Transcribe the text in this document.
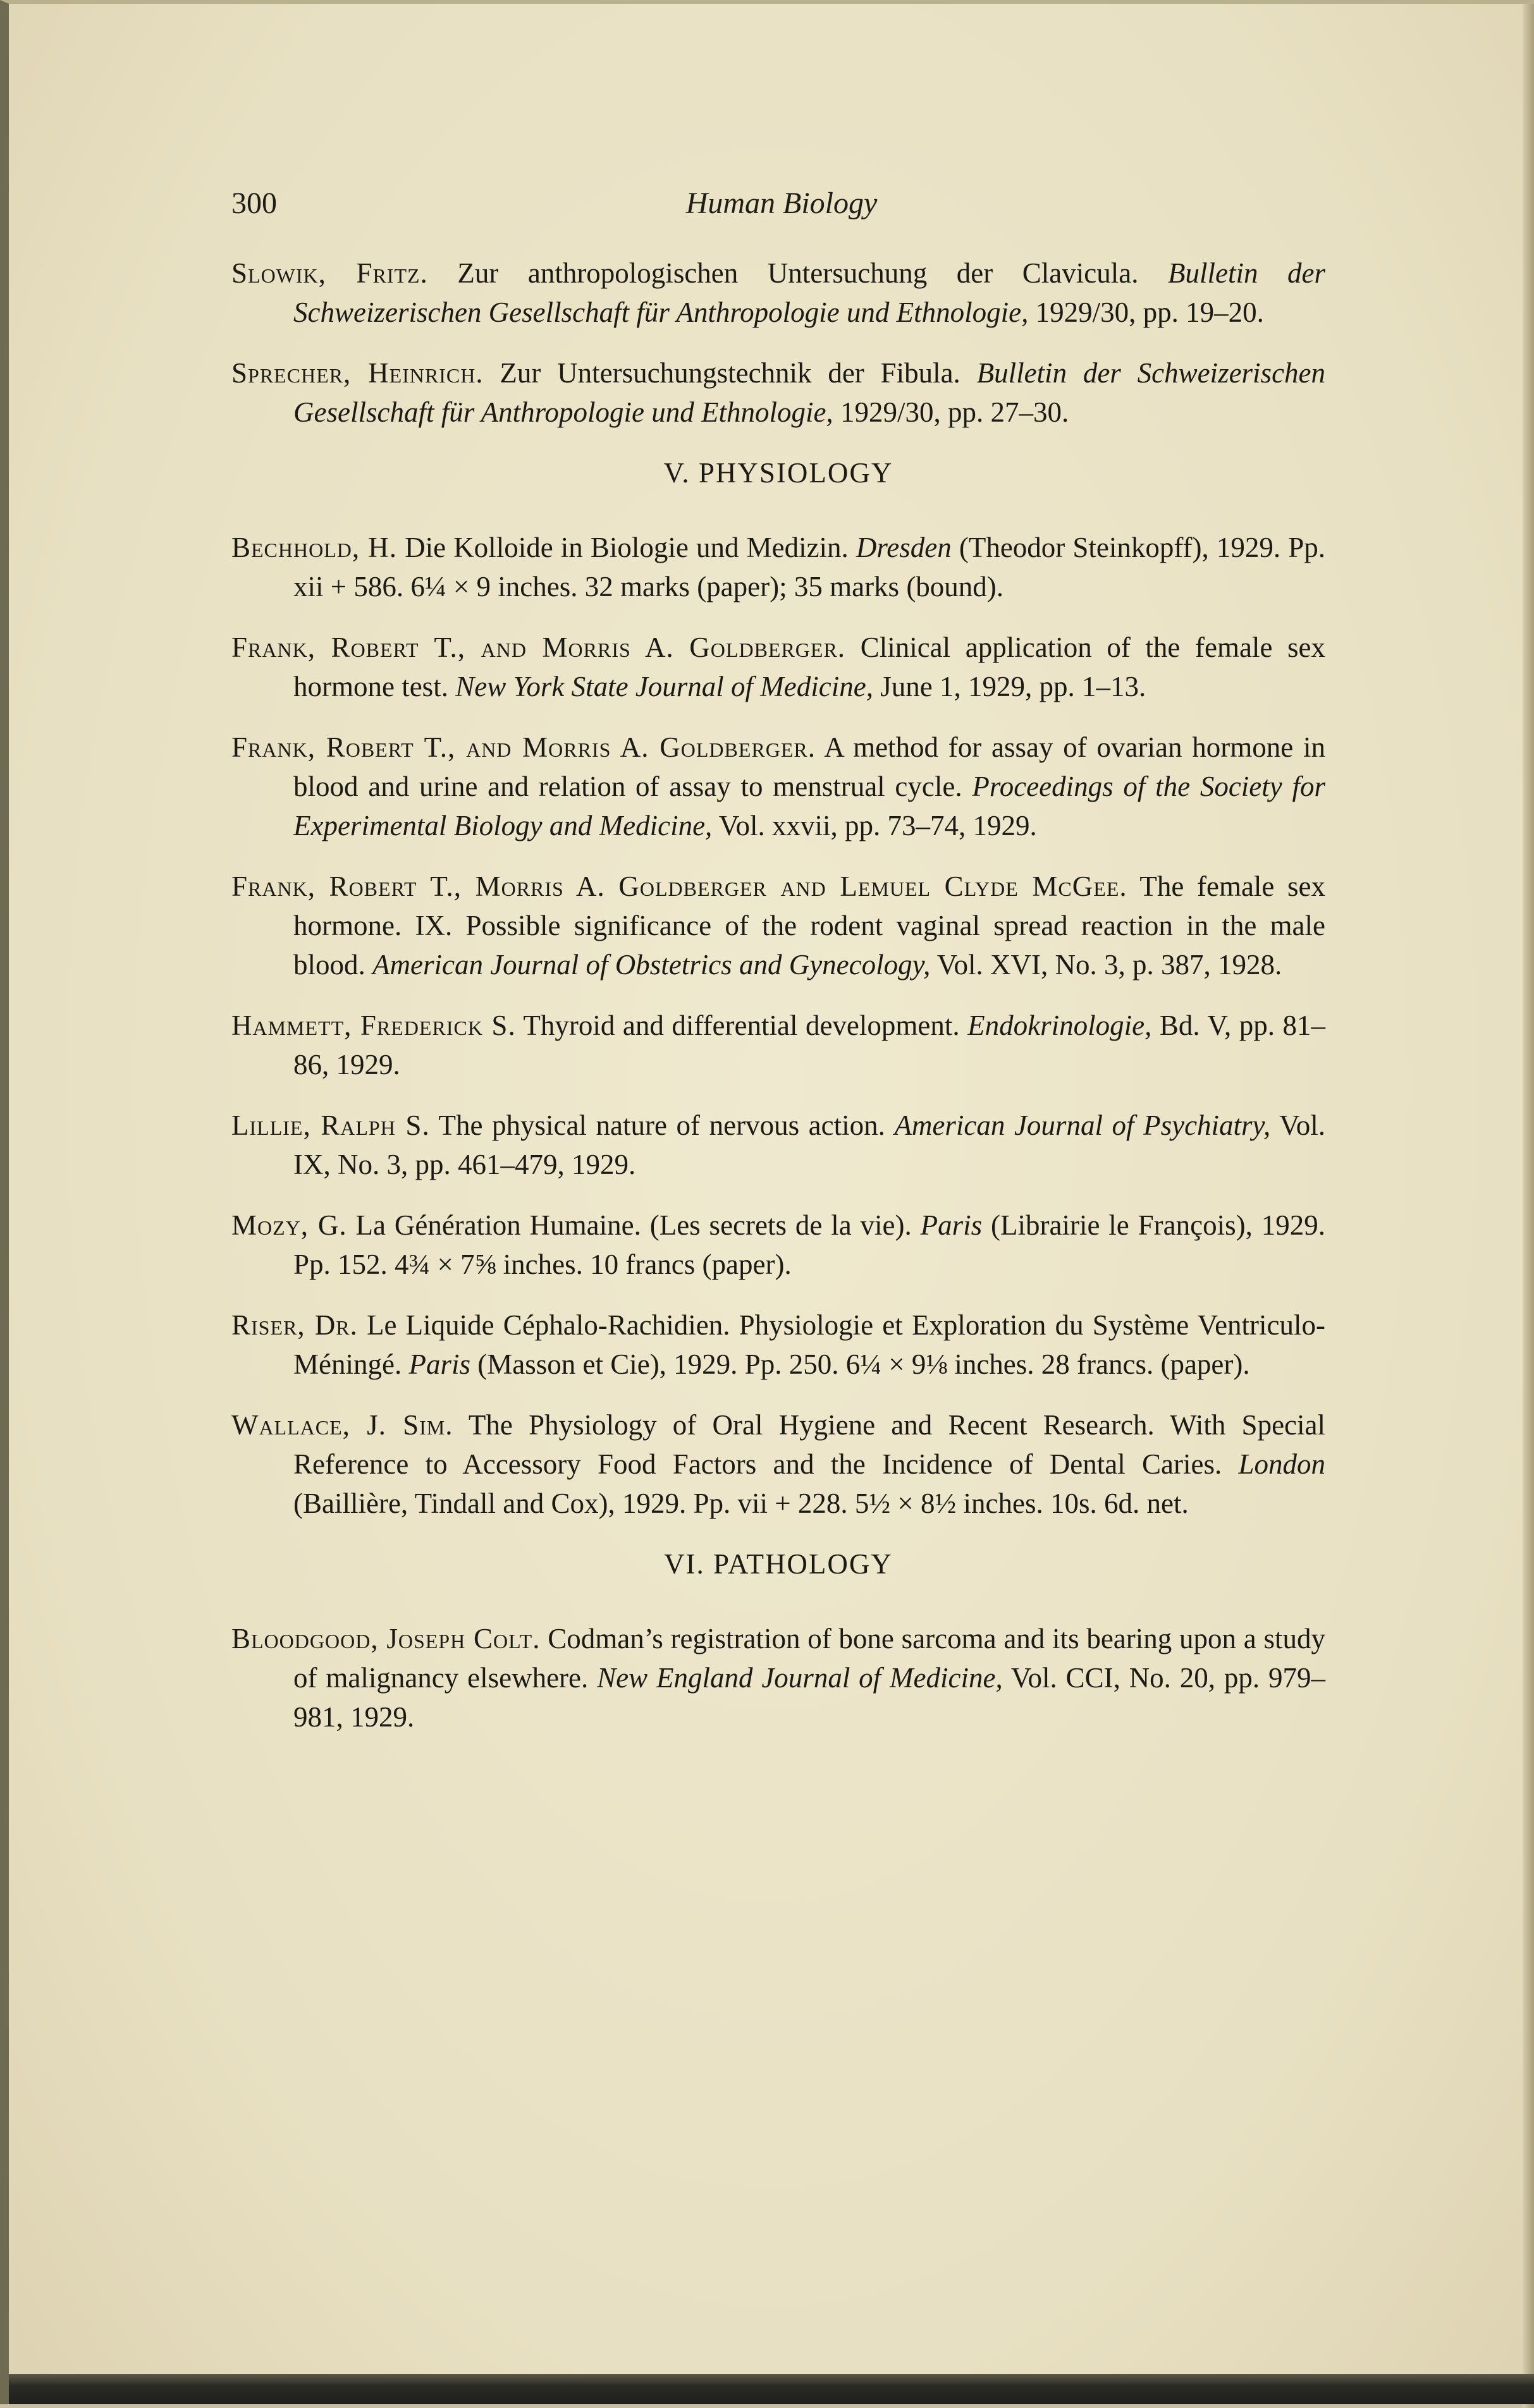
300	Human Biology

Slowik, Fritz. Zur anthropologischen Untersuchung der Clavicula. Bulletin der Schweizerischen Gesellschaft für Anthropologie und Ethnologie, 1929/30, pp. 19–20.

Sprecher, Heinrich. Zur Untersuchungstechnik der Fibula. Bulletin der Schweizerischen Gesellschaft für Anthropologie und Ethnologie, 1929/30, pp. 27–30.

V. PHYSIOLOGY

Bechhold, H. Die Kolloide in Biologie und Medizin. Dresden (Theodor Steinkopff), 1929. Pp. xii + 586. 6¼ × 9 inches. 32 marks (paper); 35 marks (bound).

Frank, Robert T., and Morris A. Goldberger. Clinical application of the female sex hormone test. New York State Journal of Medicine, June 1, 1929, pp. 1–13.

Frank, Robert T., and Morris A. Goldberger. A method for assay of ovarian hormone in blood and urine and relation of assay to menstrual cycle. Proceedings of the Society for Experimental Biology and Medicine, Vol. xxvii, pp. 73–74, 1929.

Frank, Robert T., Morris A. Goldberger and Lemuel Clyde McGee. The female sex hormone. IX. Possible significance of the rodent vaginal spread reaction in the male blood. American Journal of Obstetrics and Gynecology, Vol. XVI, No. 3, p. 387, 1928.

Hammett, Frederick S. Thyroid and differential development. Endokrinologie, Bd. V, pp. 81–86, 1929.

Lillie, Ralph S. The physical nature of nervous action. American Journal of Psychiatry, Vol. IX, No. 3, pp. 461–479, 1929.

Mozy, G. La Génération Humaine. (Les secrets de la vie). Paris (Librairie le François), 1929. Pp. 152. 4¾ × 7⅝ inches. 10 francs (paper).

Riser, Dr. Le Liquide Céphalo-Rachidien. Physiologie et Exploration du Système Ventriculo-Méningé. Paris (Masson et Cie), 1929. Pp. 250. 6¼ × 9⅛ inches. 28 francs. (paper).

Wallace, J. Sim. The Physiology of Oral Hygiene and Recent Research. With Special Reference to Accessory Food Factors and the Incidence of Dental Caries. London (Baillière, Tindall and Cox), 1929. Pp. vii + 228. 5½ × 8½ inches. 10s. 6d. net.

VI. PATHOLOGY

Bloodgood, Joseph Colt. Codman’s registration of bone sarcoma and its bearing upon a study of malignancy elsewhere. New England Journal of Medicine, Vol. CCI, No. 20, pp. 979–981, 1929.
